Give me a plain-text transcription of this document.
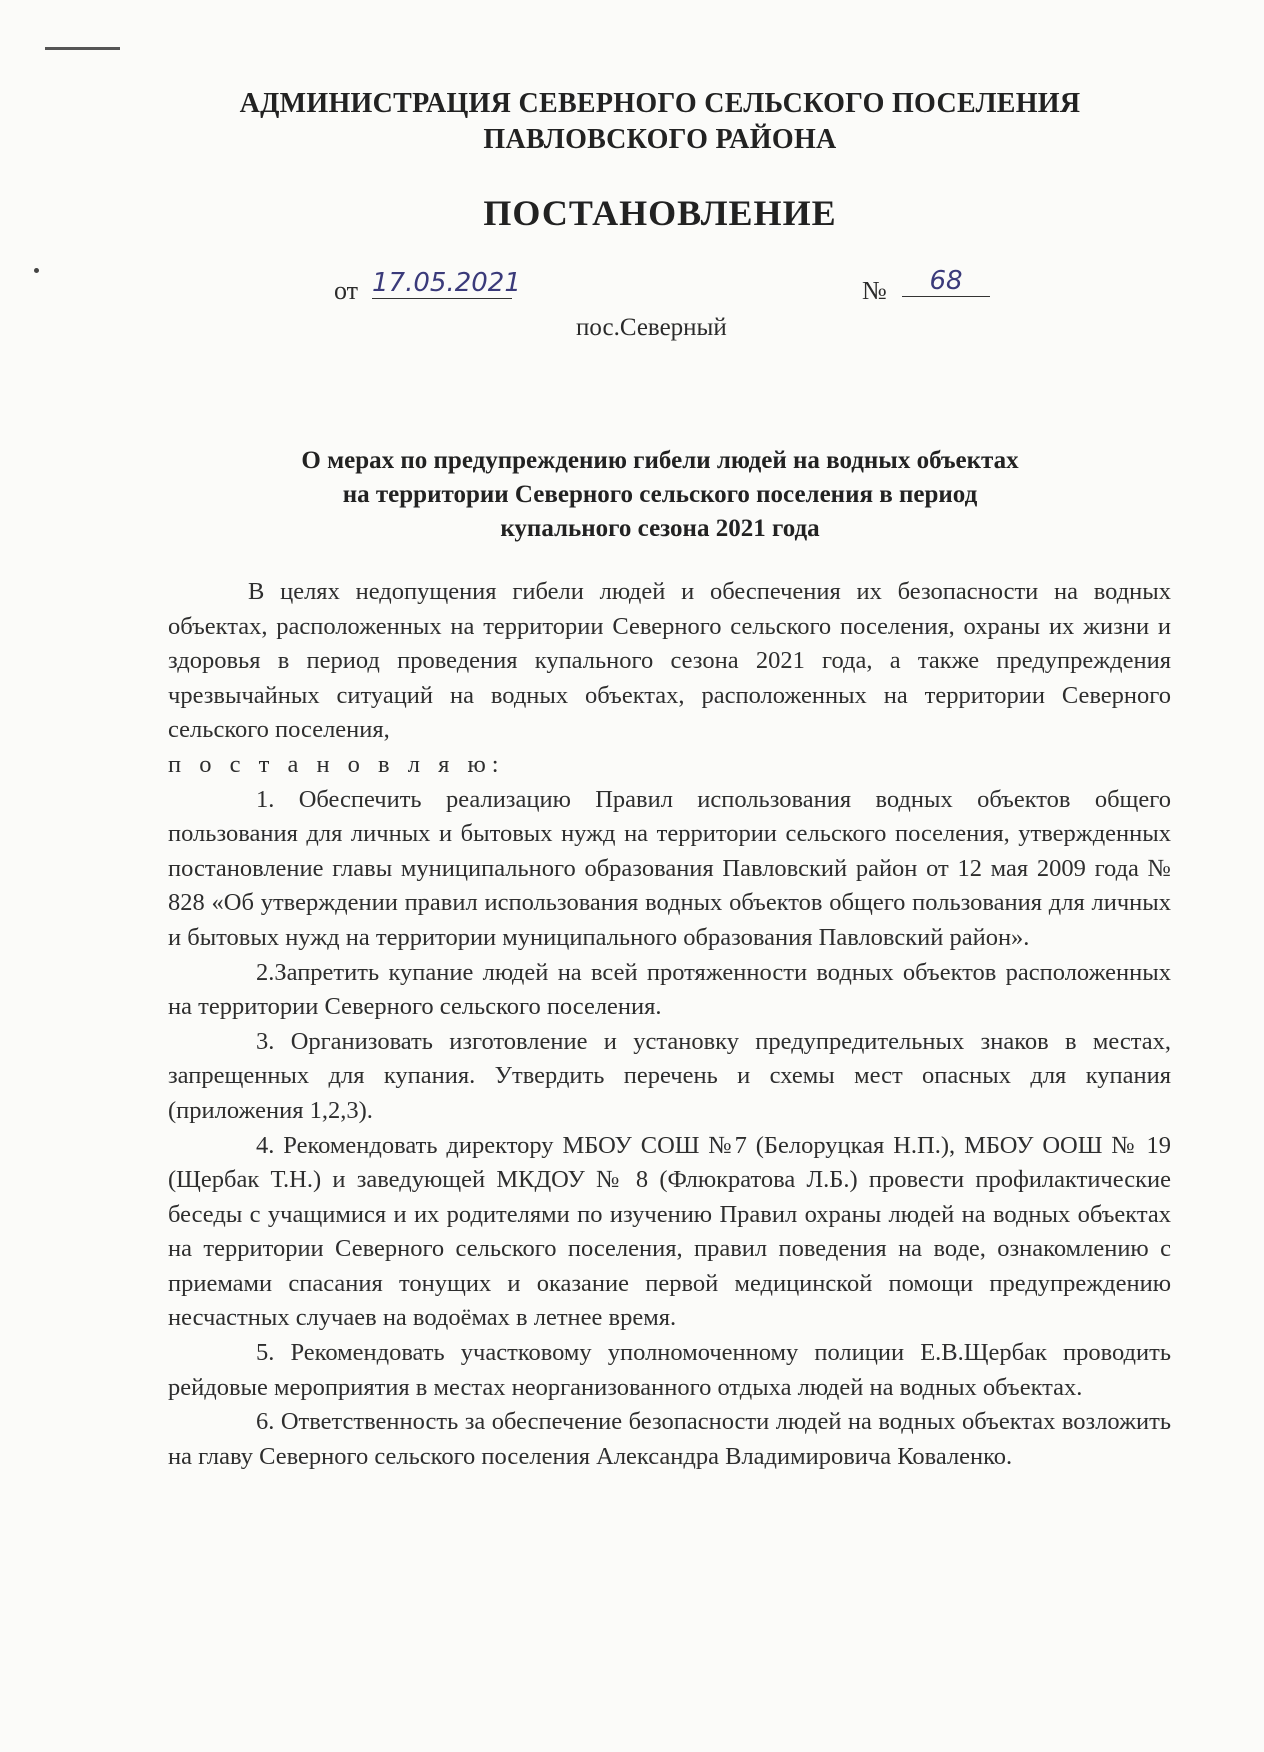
АДМИНИСТРАЦИЯ СЕВЕРНОГО СЕЛЬСКОГО ПОСЕЛЕНИЯ
ПАВЛОВСКОГО РАЙОНА
ПОСТАНОВЛЕНИЕ
от 17.05.2021	№	68
пос.Северный
О мерах по предупреждению гибели людей на водных объектах
на территории Северного сельского поселения в период
купального сезона 2021 года

В целях недопущения гибели людей и обеспечения их безопасности на водных объектах, расположенных на территории Северного сельского поселения, охраны их жизни и здоровья в период проведения купального сезона 2021 года, а также предупреждения чрезвычайных ситуаций на водных объектах, расположенных на территории Северного сельского поселения,

п о с т а н о в л я ю:

1. Обеспечить реализацию Правил использования водных объектов общего пользования для личных и бытовых нужд на территории сельского поселения, утвержденных постановление главы муниципального образования Павловский район от 12 мая 2009 года № 828 «Об утверждении правил использования водных объектов общего пользования для личных и бытовых нужд на территории муниципального образования Павловский район».

2.Запретить купание людей на всей протяженности водных объектов расположенных на территории Северного сельского поселения.

3. Организовать изготовление и установку предупредительных знаков в местах, запрещенных для купания. Утвердить перечень и схемы мест опасных для купания (приложения 1,2,3).

4. Рекомендовать директору МБОУ СОШ №7 (Белоруцкая Н.П.), МБОУ ООШ № 19 (Щербак Т.Н.) и заведующей МКДОУ № 8 (Флюкратова Л.Б.) провести профилактические беседы с учащимися и их родителями по изучению Правил охраны людей на водных объектах на территории Северного сельского поселения, правил поведения на воде, ознакомлению с приемами спасания тонущих и оказание первой медицинской помощи предупреждению несчастных случаев на водоёмах в летнее время.

5. Рекомендовать участковому уполномоченному полиции Е.В.Щербак проводить рейдовые мероприятия в местах неорганизованного отдыха людей на водных объектах.

6. Ответственность за обеспечение безопасности людей на водных объектах возложить на главу Северного сельского поселения Александра Владимировича Коваленко.
